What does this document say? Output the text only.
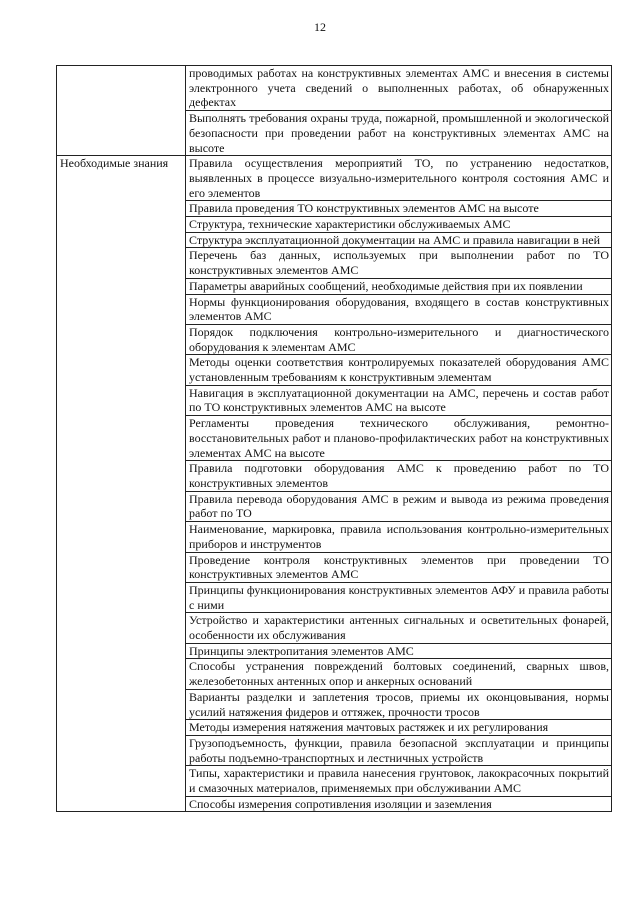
12
	проводимых работах на конструктивных элементах АМС и внесения в системы электронного учета сведений о выполненных работах, об обнаруженных дефектах
	Выполнять требования охраны труда, пожарной, промышленной и экологической безопасности при проведении работ на конструктивных элементах АМС на высоте
Необходимые знания	Правила осуществления мероприятий ТО, по устранению недостатков, выявленных в процессе визуально-измерительного контроля состояния АМС и его элементов
	Правила проведения ТО конструктивных элементов АМС на высоте
	Структура, технические характеристики обслуживаемых АМС
	Структура эксплуатационной документации на АМС и правила навигации в ней
	Перечень баз данных, используемых при выполнении работ по ТО конструктивных элементов АМС
	Параметры аварийных сообщений, необходимые действия при их появлении
	Нормы функционирования оборудования, входящего в состав конструктивных элементов АМС
	Порядок подключения контрольно-измерительного и диагностического оборудования к элементам АМС
	Методы оценки соответствия контролируемых показателей оборудования АМС установленным требованиям к конструктивным элементам
	Навигация в эксплуатационной документации на АМС, перечень и состав работ по ТО конструктивных элементов АМС на высоте
	Регламенты проведения технического обслуживания, ремонтно-восстановительных работ и планово-профилактических работ на конструктивных элементах АМС на высоте
	Правила подготовки оборудования АМС к проведению работ по ТО конструктивных элементов
	Правила перевода оборудования АМС в режим и вывода из режима проведения работ по ТО
	Наименование, маркировка, правила использования контрольно-измерительных приборов и инструментов
	Проведение контроля конструктивных элементов при проведении ТО конструктивных элементов АМС
	Принципы функционирования конструктивных элементов АФУ и правила работы с ними
	Устройство и характеристики антенных сигнальных и осветительных фонарей, особенности их обслуживания
	Принципы электропитания элементов АМС
	Способы устранения повреждений болтовых соединений, сварных швов, железобетонных антенных опор и анкерных оснований
	Варианты разделки и заплетения тросов, приемы их оконцовывания, нормы усилий натяжения фидеров и оттяжек, прочности тросов
	Методы измерения натяжения мачтовых растяжек и их регулирования
	Грузоподъемность, функции, правила безопасной эксплуатации и принципы работы подъемно-транспортных и лестничных устройств
	Типы, характеристики и правила нанесения грунтовок, лакокрасочных покрытий и смазочных материалов, применяемых при обслуживании АМС
	Способы измерения сопротивления изоляции и заземления
